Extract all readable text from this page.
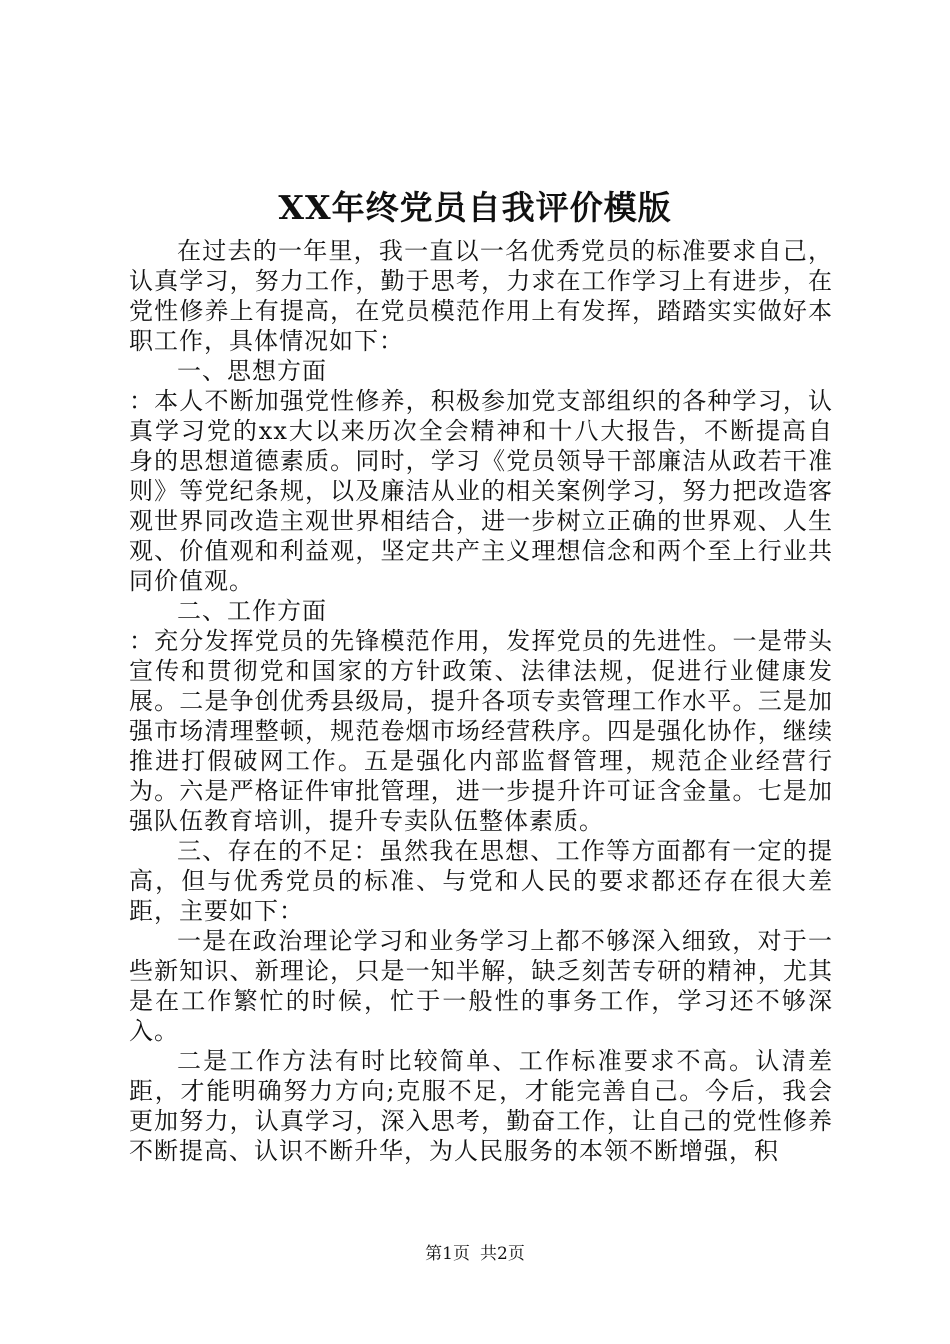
XX年终党员自我评价模版

在过去的一年里，我一直以一名优秀党员的标准要求自己，认真学习，努力工作，勤于思考，力求在工作学习上有进步，在党性修养上有提高，在党员模范作用上有发挥，踏踏实实做好本职工作，具体情况如下：

一、思想方面

：本人不断加强党性修养，积极参加党支部组织的各种学习，认真学习党的xx大以来历次全会精神和十八大报告，不断提高自身的思想道德素质。同时，学习《党员领导干部廉洁从政若干准则》等党纪条规，以及廉洁从业的相关案例学习，努力把改造客观世界同改造主观世界相结合，进一步树立正确的世界观、人生观、价值观和利益观，坚定共产主义理想信念和两个至上行业共同价值观。

二、工作方面

：充分发挥党员的先锋模范作用，发挥党员的先进性。一是带头宣传和贯彻党和国家的方针政策、法律法规，促进行业健康发展。二是争创优秀县级局，提升各项专卖管理工作水平。三是加强市场清理整顿，规范卷烟市场经营秩序。四是强化协作，继续推进打假破网工作。五是强化内部监督管理，规范企业经营行为。六是严格证件审批管理，进一步提升许可证含金量。七是加强队伍教育培训，提升专卖队伍整体素质。

三、存在的不足：虽然我在思想、工作等方面都有一定的提高，但与优秀党员的标准、与党和人民的要求都还存在很大差距，主要如下：

一是在政治理论学习和业务学习上都不够深入细致，对于一些新知识、新理论，只是一知半解，缺乏刻苦专研的精神，尤其是在工作繁忙的时候，忙于一般性的事务工作，学习还不够深入。

二是工作方法有时比较简单、工作标准要求不高。认清差距，才能明确努力方向;克服不足，才能完善自己。今后，我会更加努力，认真学习，深入思考，勤奋工作，让自己的党性修养不断提高、认识不断升华，为人民服务的本领不断增强，积

第1页 共2页
